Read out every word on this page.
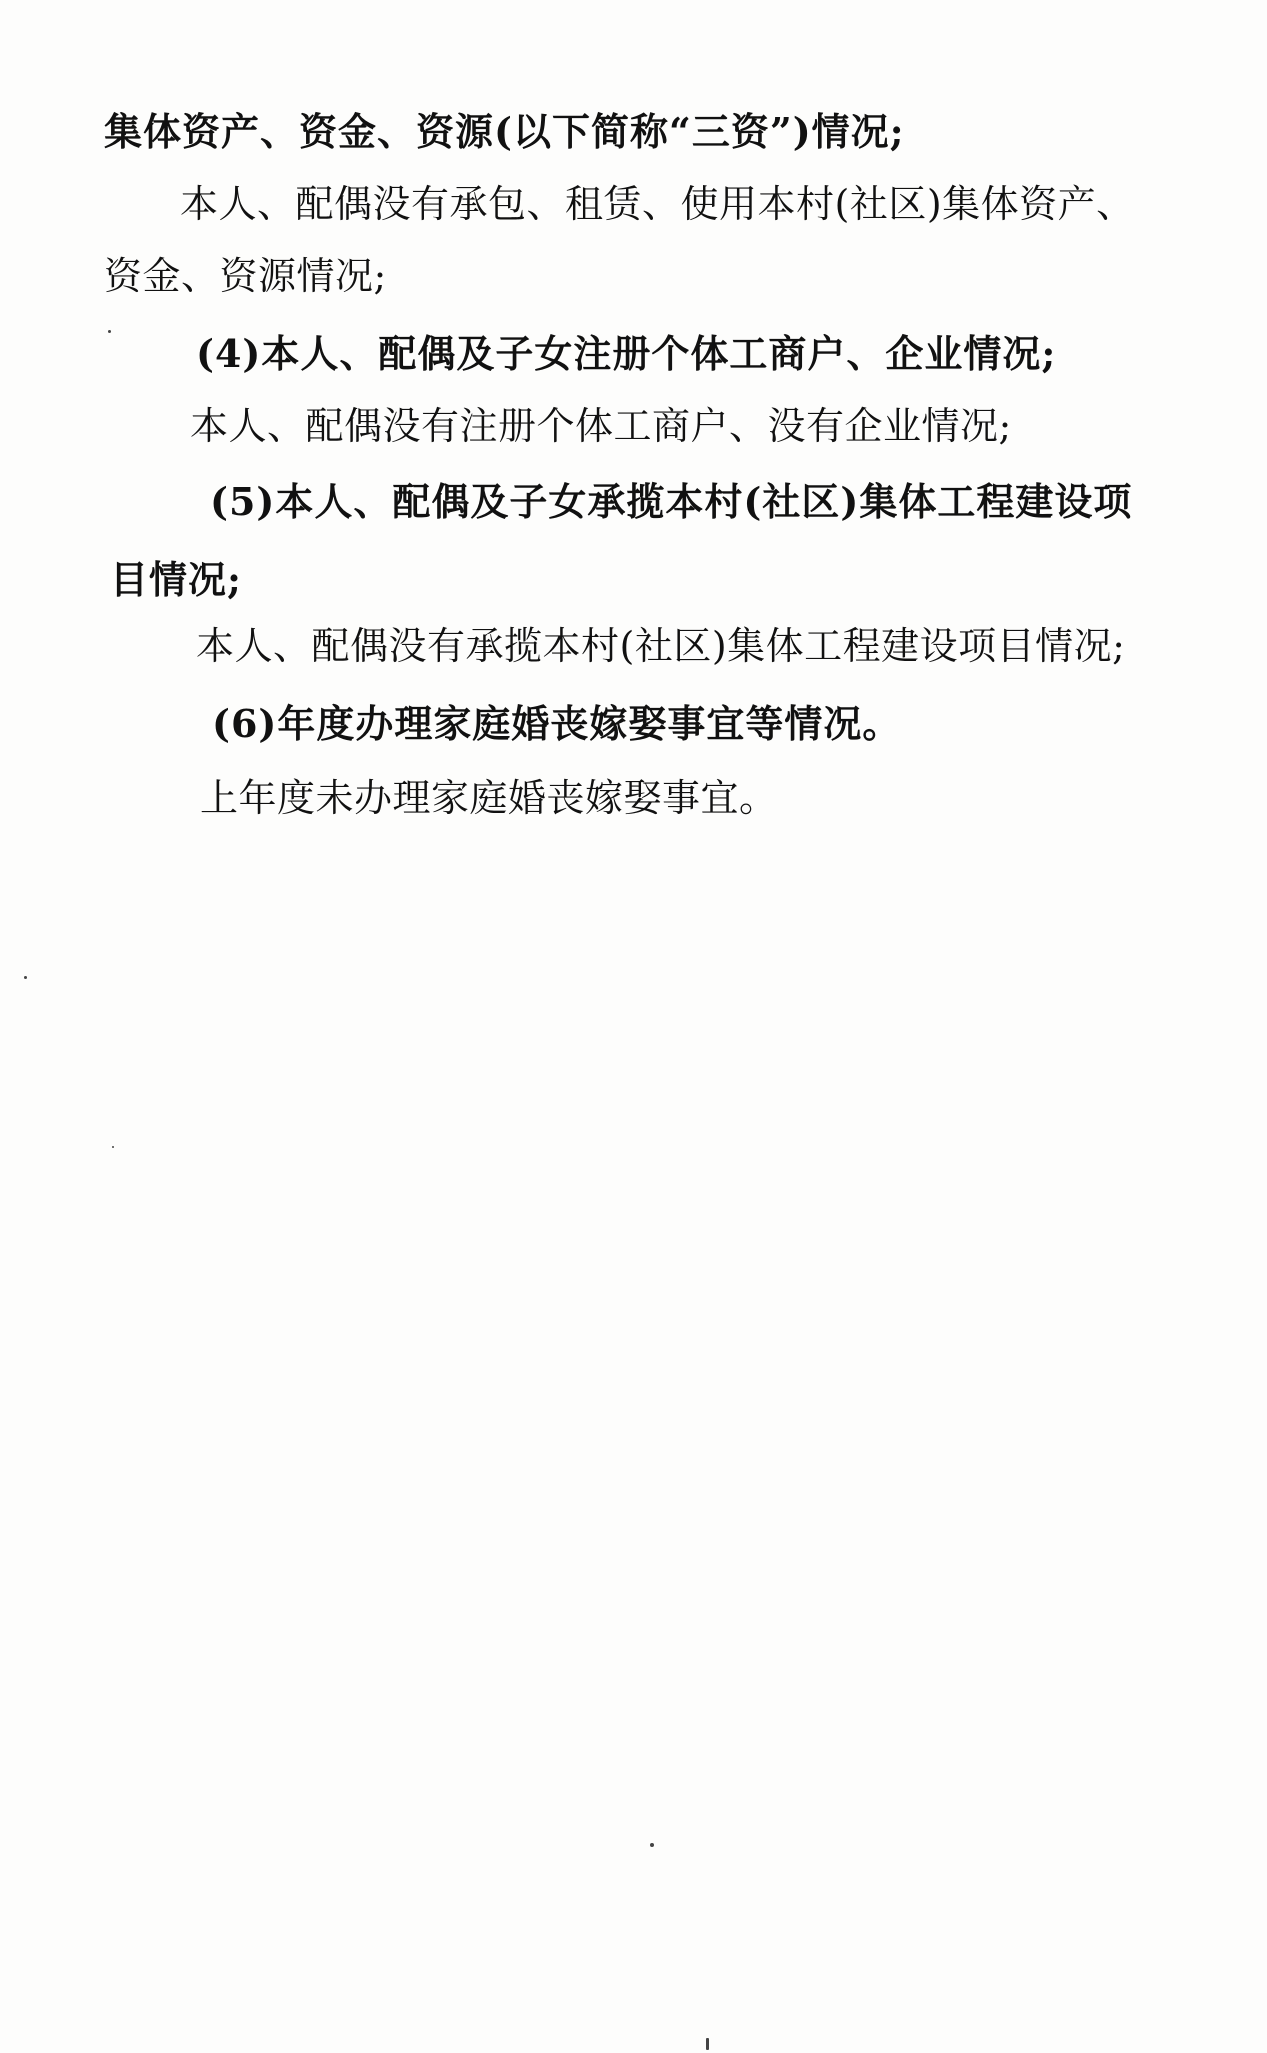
集体资产、资金、资源(以下简称“三资”)情况;
本人、配偶没有承包、租赁、使用本村(社区)集体资产、
资金、资源情况;
(4)本人、配偶及子女注册个体工商户、企业情况;
本人、配偶没有注册个体工商户、没有企业情况;
(5)本人、配偶及子女承揽本村(社区)集体工程建设项
目情况;
本人、配偶没有承揽本村(社区)集体工程建设项目情况;
(6)年度办理家庭婚丧嫁娶事宜等情况。
上年度未办理家庭婚丧嫁娶事宜。
